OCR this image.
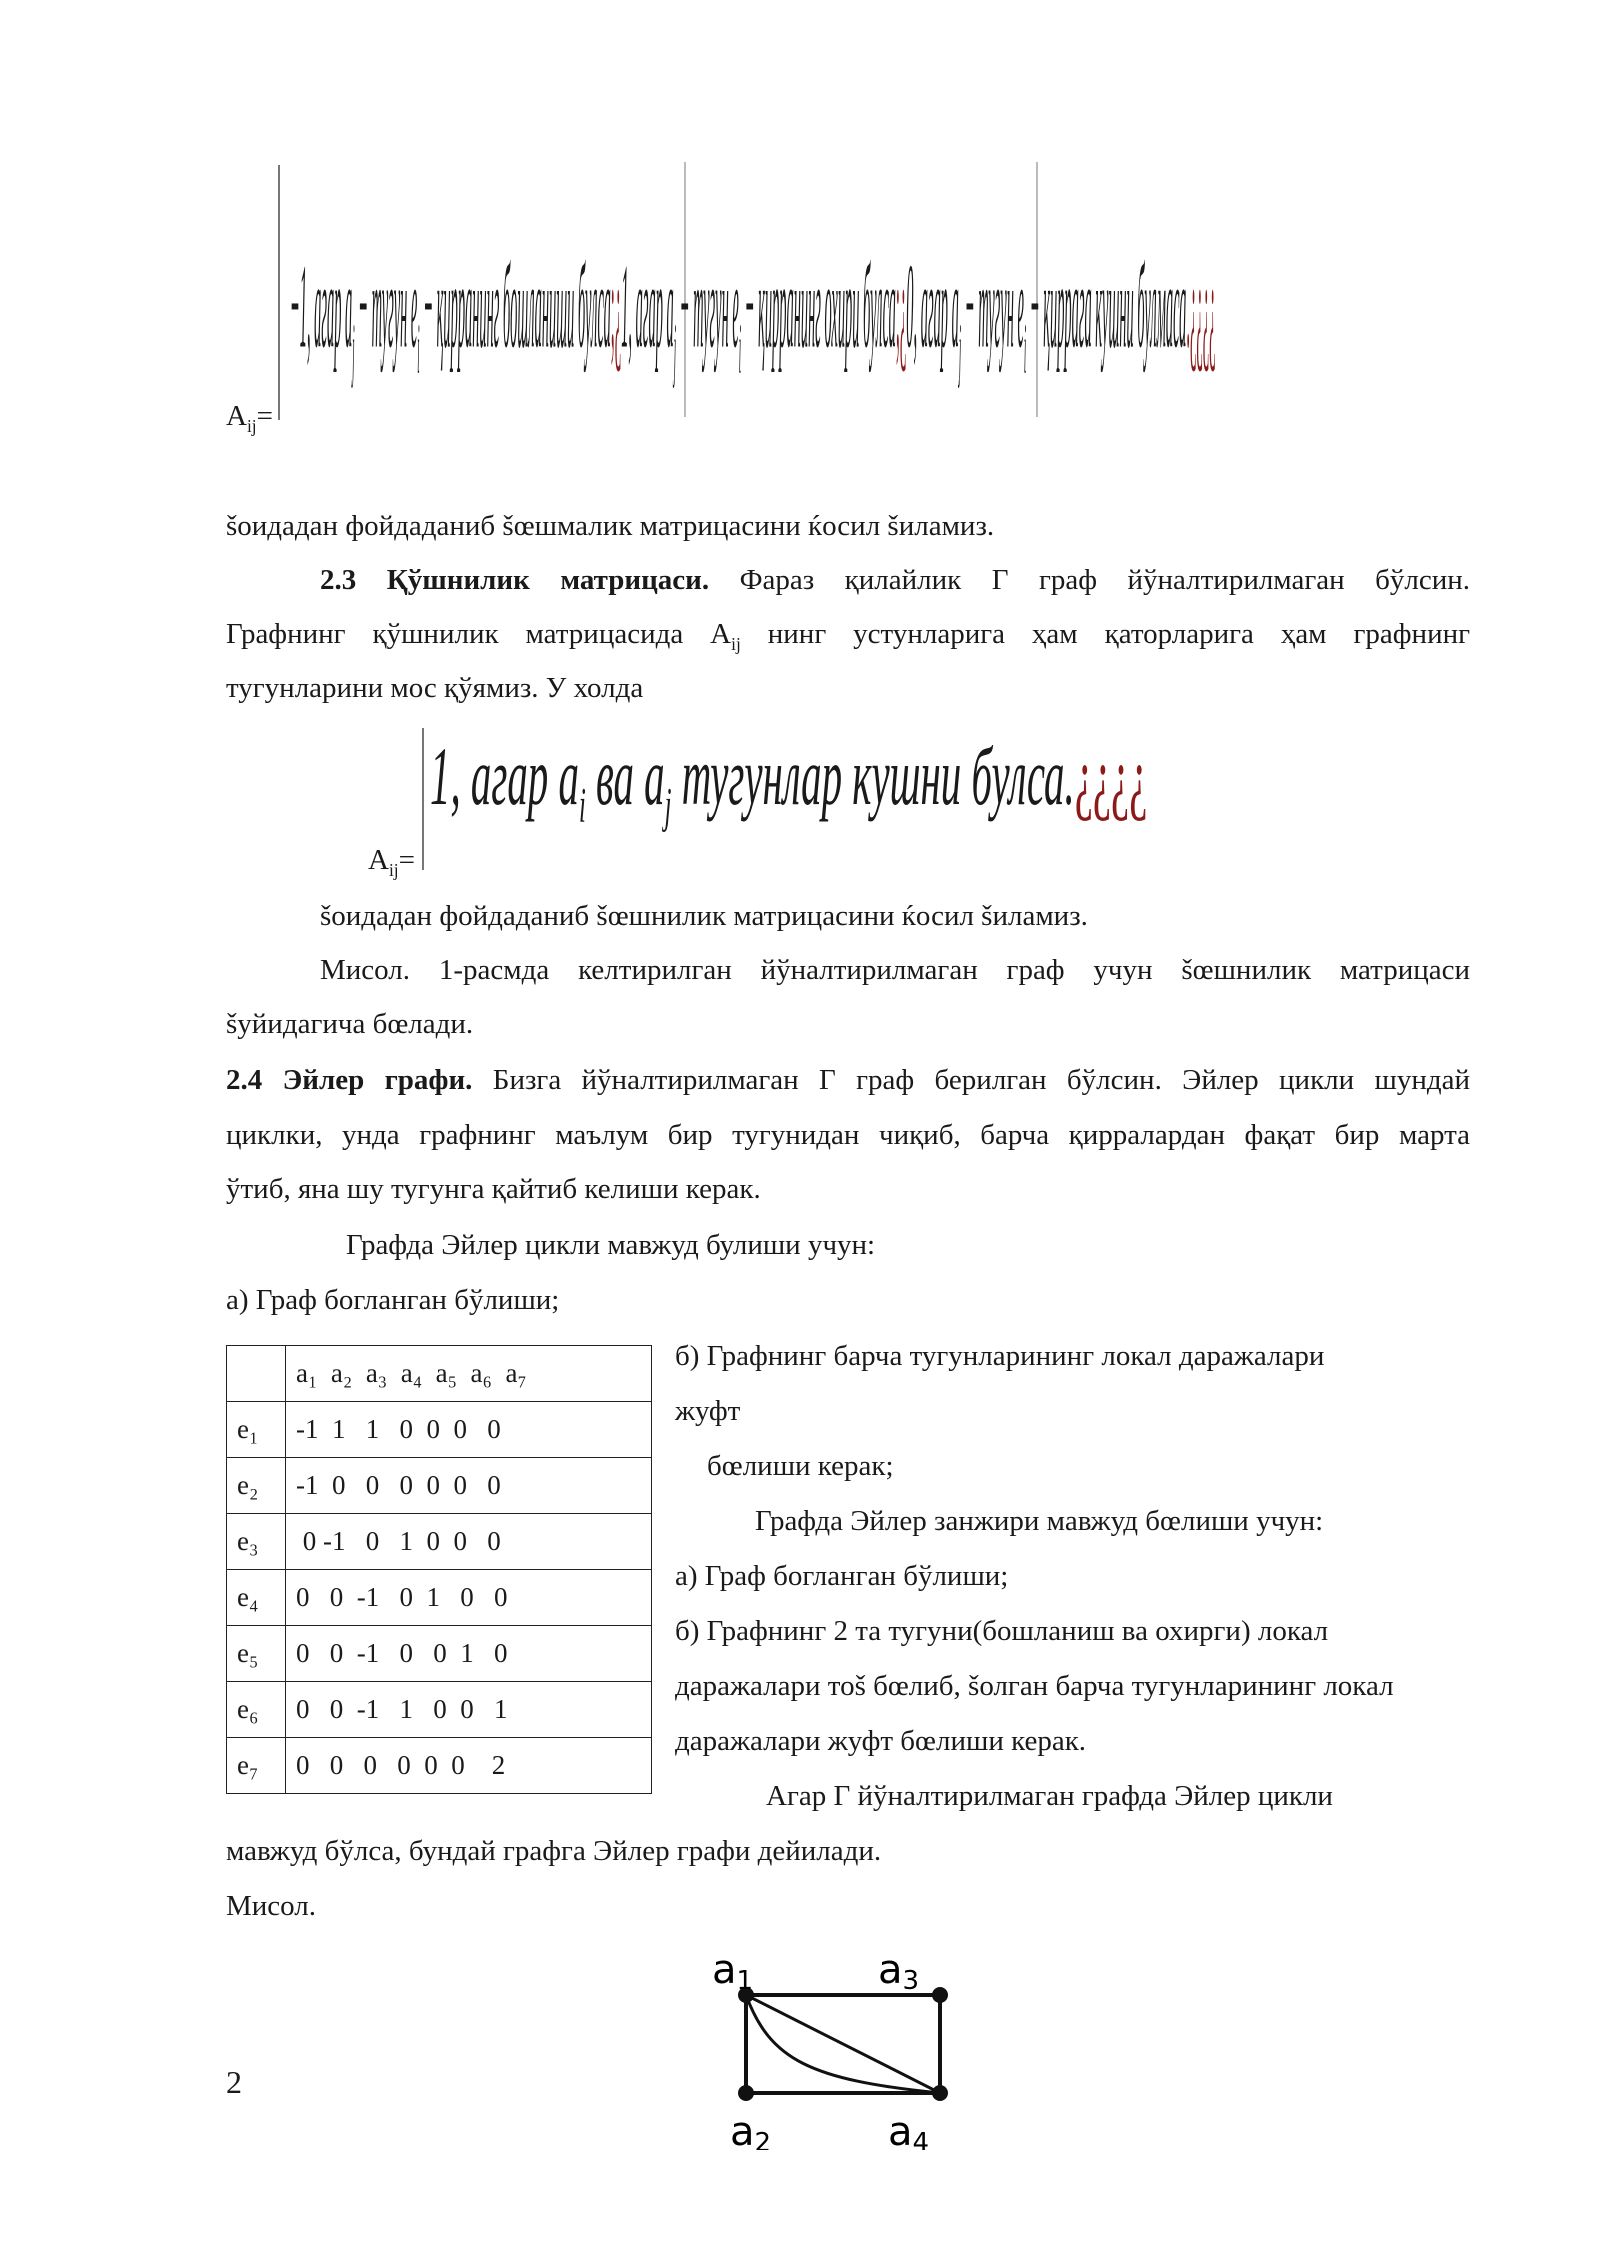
$A_{ij}=$
−1, агар $a_j$ − тугун $e_i$ − қирранинг бошланиши булса;¿1, агар $a_j$ − тугун $e_i$ − қирранинг охири булса;¿0, агар $a_j$ − тугун $e_i$ − қиррага кушни булмаса.¿¿¿¿
šоидадан фойдаданиб šœшмалик матрицасини ќосил šиламиз.
2.3 Қўшнилик матрицаси. Фараз қилайлик Г граф йўналтирилмаган бўлсин.
Графнинг қўшнилик матрицасида $A_{ij}$ нинг устунларига ҳам қаторларига ҳам графнинг
тугунларини мос қўямиз. У холда
$A_{ij}=$
1, агар $a_i$ ва $a_j$ тугунлар кушни булса.¿¿¿¿
šоидадан фойдаданиб šœшнилик матрицасини ќосил šиламиз.
Мисол. 1-расмда келтирилган йўналтирилмаган граф учун šœшнилик матрицаси
šуйидагича бœлади.
2.4 Эйлер графи. Бизга йўналтирилмаган Г граф берилган бўлсин. Эйлер цикли шундай
циклки, унда графнинг маълум бир тугунидан чиқиб, барча қирралардан фақат бир марта
ўтиб, яна шу тугунга қайтиб келиши керак.
Графда Эйлер цикли мавжуд булиши учун:
а) Граф богланган бўлиши;
	a₁ a₂ a₃ a₄ a₅ a₆ a₇
e₁	-1  1   1   0  0  0   0
e₂	-1  0   0   0  0  0   0
e₃	0 -1   0   1  0  0   0
e₄	0   0  -1   0  1   0   0
e₅	0   0  -1   0   0  1   0
e₆	0   0  -1   1   0  0   1
e₇	0   0   0   0  0  0    2
б) Графнинг барча тугунларининг локал даражалари
жуфт
бœлиши керак;
Графда Эйлер занжири мавжуд бœлиши учун:
а) Граф богланган бўлиши;
б) Графнинг 2 та тугуни(бошланиш ва охирги) локал
даражалари тоš бœлиб, šолган барча тугунларининг локал
даражалари жуфт бœлиши керак.
Агар Г йўналтирилмаган графда Эйлер цикли
мавжуд бўлса, бундай графга Эйлер графи дейилади.
Мисол.
a1	a3
a2	a4
2
